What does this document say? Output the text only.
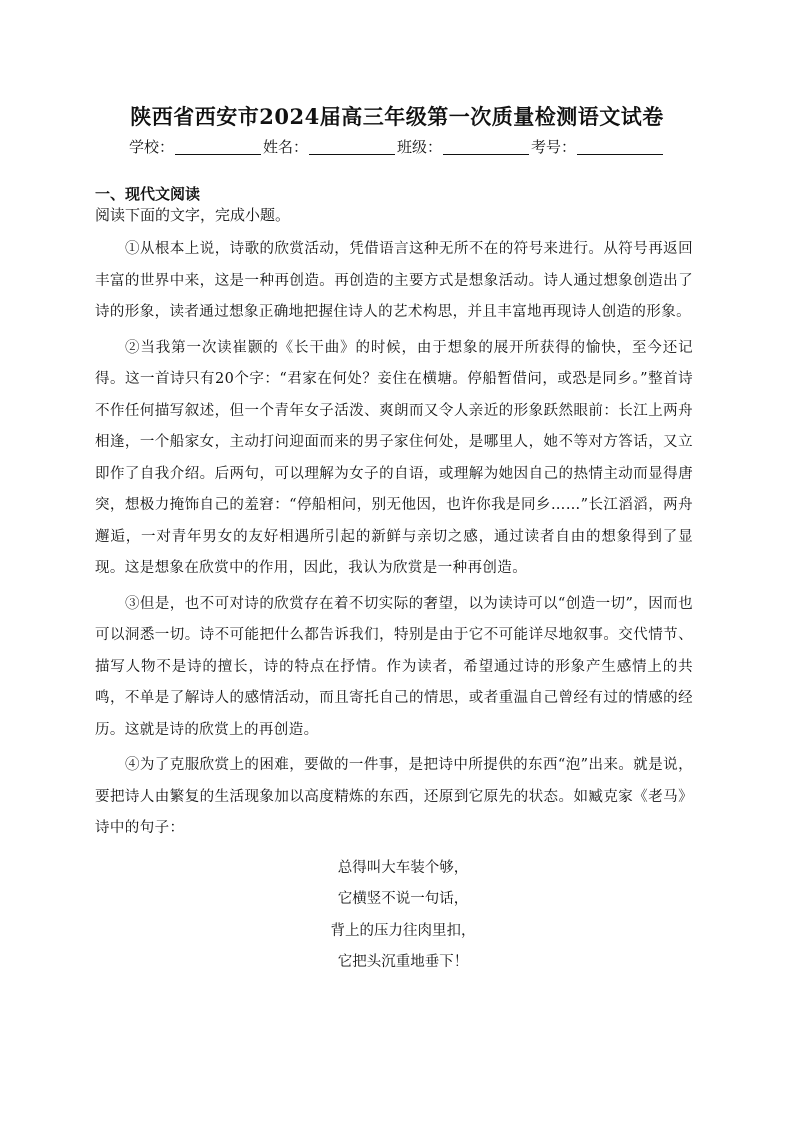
陕西省西安市2024届高三年级第一次质量检测语文试卷
学校：	姓名：	班级：	考号：
一、现代文阅读
阅读下面的文字，完成小题。

①从根本上说，诗歌的欣赏活动，凭借语言这种无所不在的符号来进行。从符号再返回丰富的世界中来，这是一种再创造。再创造的主要方式是想象活动。诗人通过想象创造出了诗的形象，读者通过想象正确地把握住诗人的艺术构思，并且丰富地再现诗人创造的形象。

②当我第一次读崔颢的《长干曲》的时候，由于想象的展开所获得的愉快，至今还记得。这一首诗只有20个字：“君家在何处？妾住在横塘。停船暂借问，或恐是同乡。”整首诗不作任何描写叙述，但一个青年女子活泼、爽朗而又令人亲近的形象跃然眼前：长江上两舟相逢，一个船家女，主动打问迎面而来的男子家住何处，是哪里人，她不等对方答话，又立即作了自我介绍。后两句，可以理解为女子的自语，或理解为她因自己的热情主动而显得唐突，想极力掩饰自己的羞窘：“停船相问，别无他因，也许你我是同乡……”长江滔滔，两舟邂逅，一对青年男女的友好相遇所引起的新鲜与亲切之感，通过读者自由的想象得到了显现。这是想象在欣赏中的作用，因此，我认为欣赏是一种再创造。

③但是，也不可对诗的欣赏存在着不切实际的奢望，以为读诗可以“创造一切”，因而也可以洞悉一切。诗不可能把什么都告诉我们，特别是由于它不可能详尽地叙事。交代情节、描写人物不是诗的擅长，诗的特点在抒情。作为读者，希望通过诗的形象产生感情上的共鸣，不单是了解诗人的感情活动，而且寄托自己的情思，或者重温自己曾经有过的情感的经历。这就是诗的欣赏上的再创造。

④为了克服欣赏上的困难，要做的一件事，是把诗中所提供的东西“泡”出来。就是说，要把诗人由繁复的生活现象加以高度精炼的东西，还原到它原先的状态。如臧克家《老马》诗中的句子：

总得叫大车装个够，
它横竖不说一句话，
背上的压力往肉里扣，
它把头沉重地垂下！
